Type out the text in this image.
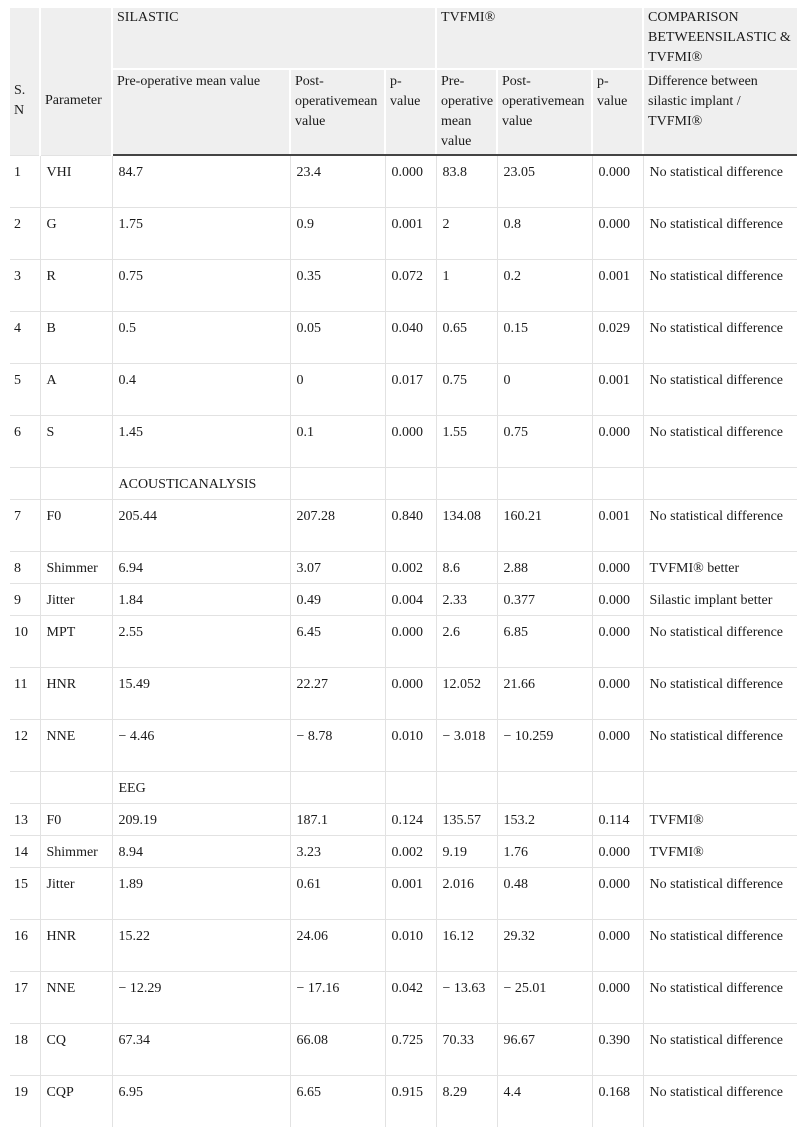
S. N	Parameter	SILASTIC			TVFMI®			COMPARISON BETWEENSILASTIC & TVFMI®
		Pre-operative mean value	Post-operativemean value	p-value	Pre-operative mean value	Post-operativemean value	p-value	Difference between silastic implant / TVFMI®
1	VHI	84.7	23.4	0.000	83.8	23.05	0.000	No statistical difference
2	G	1.75	0.9	0.001	2	0.8	0.000	No statistical difference
3	R	0.75	0.35	0.072	1	0.2	0.001	No statistical difference
4	B	0.5	0.05	0.040	0.65	0.15	0.029	No statistical difference
5	A	0.4	0	0.017	0.75	0	0.001	No statistical difference
6	S	1.45	0.1	0.000	1.55	0.75	0.000	No statistical difference
		ACOUSTICANALYSIS						
7	F0	205.44	207.28	0.840	134.08	160.21	0.001	No statistical difference
8	Shimmer	6.94	3.07	0.002	8.6	2.88	0.000	TVFMI® better
9	Jitter	1.84	0.49	0.004	2.33	0.377	0.000	Silastic implant better
10	MPT	2.55	6.45	0.000	2.6	6.85	0.000	No statistical difference
11	HNR	15.49	22.27	0.000	12.052	21.66	0.000	No statistical difference
12	NNE	− 4.46	− 8.78	0.010	− 3.018	− 10.259	0.000	No statistical difference
		EEG						
13	F0	209.19	187.1	0.124	135.57	153.2	0.114	TVFMI®
14	Shimmer	8.94	3.23	0.002	9.19	1.76	0.000	TVFMI®
15	Jitter	1.89	0.61	0.001	2.016	0.48	0.000	No statistical difference
16	HNR	15.22	24.06	0.010	16.12	29.32	0.000	No statistical difference
17	NNE	− 12.29	− 17.16	0.042	− 13.63	− 25.01	0.000	No statistical difference
18	CQ	67.34	66.08	0.725	70.33	96.67	0.390	No statistical difference
19	CQP	6.95	6.65	0.915	8.29	4.4	0.168	No statistical difference
